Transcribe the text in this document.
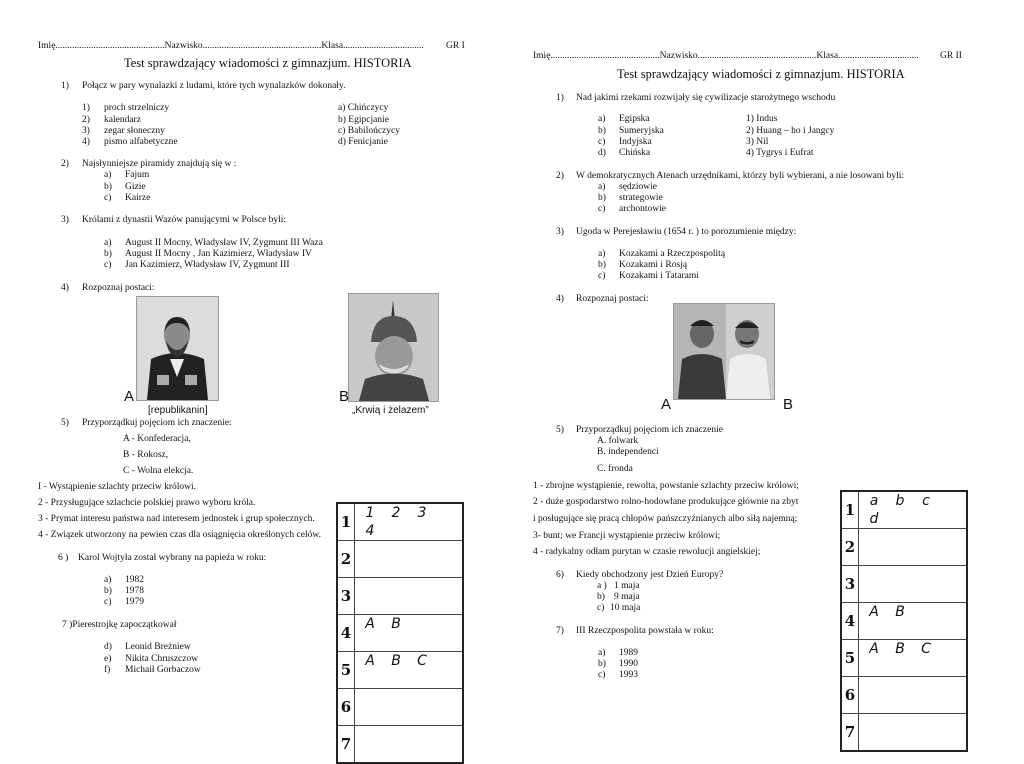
Imię..............................................Nazwisko..................................................Klasa.................................. GR I
Test sprawdzający wiadomości z gimnazjum. HISTORIA
1) Połącz w pary wynalazki z ludami, które tych wynalazków dokonały.
1) proch strzelniczy	a) Chińczycy
2) kalendarz	b) Egipcjanie
3) zegar słoneczny	c) Babilończycy
4) pismo alfabetyczne	d) Fenicjanie
2) Najsłynniejsze piramidy znajdują się w :
a) Fajum
b) Gizie
c) Kairze
3) Królami z dynastii Wazów panującymi w Polsce byli:
a) August II Mocny, Władysław IV, Zygmunt III Waza
b) August II Mocny , Jan Kazimierz, Władysław IV
c) Jan Kazimierz, Władysław IV, Zygmunt III
4) Rozpoznaj postaci:
A	B
[republikanin]	„Krwią i żelazem”
5) Przyporządkuj pojęciom ich znaczenie:
A - Konfederacja,
B - Rokosz,
C - Wolna elekcja.
I - Wystąpienie szlachty przeciw królowi.
2 - Przysługujące szlachcie polskiej prawo wyboru króla.
3 - Prymat interesu państwa nad interesem jednostek i grup społecznych.
4 - Związek utworzony na pewien czas dla osiągnięcia określonych celów.
6 ) Karol Wojtyła został wybrany na papieża w roku:
a) 1982
b) 1978
c) 1979
7 )Pierestrojkę zapoczątkował
d) Leonid Breżniew
e) Nikita Chruszczow
f) Michaił Gorbaczow
1	1 2 34
2	
3	
4	A B
5	A B C
6	
7	
Imię..............................................Nazwisko..................................................Klasa.................................. GR II
Test sprawdzający wiadomości z gimnazjum. HISTORIA
1) Nad jakimi rzekami rozwijały się cywilizacje starożytnego wschodu
a) Egipska	1) Indus
b) Sumeryjska	2) Huang – ho i Jangcy
c) Indyjska	3) Nil
d) Chińska	4) Tygrys i Eufrat
2) W demokratycznych Atenach urzędnikami, którzy byli wybierani, a nie losowani byli:
a) sędziowie
b) strategowie
c) archontowie
3) Ugoda w Perejesławiu (1654 r. ) to porozumienie między:
a) Kozakami a Rzeczpospolitą
b) Kozakami i Rosją
c) Kozakami i Tatarami
4) Rozpoznaj postaci:
A	B
5) Przyporządkuj pojęciom ich znaczenie
A. folwark
B. independenci
C. fronda
1 - zbrojne wystąpienie, rewolta, powstanie szlachty przeciw królowi;
2 - duże gospodarstwo rolno-hodowlane produkujące głównie na zbyt
i posługujące się pracą chłopów pańszczyźnianych albo siłą najemną;
3- bunt; we Francji wystąpienie przeciw królowi;
4 - radykalny odłam purytan w czasie rewolucji angielskiej;
6) Kiedy obchodzony jest Dzień Europy?
a ) 1 maja
b) 9 maja
c) 10 maja
7) III Rzeczpospolita powstała w roku:
a) 1989
b) 1990
c) 1993
1	a b cd
2	
3	
4	A B
5	A B C
6	
7	
